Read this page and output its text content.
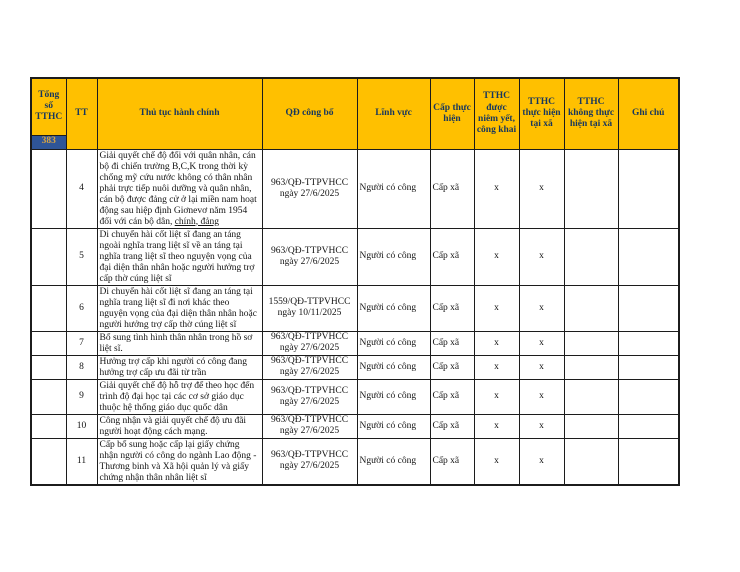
Tổng số TTHC	TT	Thủ tục hành chính	QĐ công bố	Lĩnh vực	Cấp thực hiện	TTHC được niêm yết, công khai	TTHC thực hiện tại xã	TTHC không thực hiện tại xã	Ghi chú
383									
	4	Giải quyết chế độ đối với quân nhân, cán bộ đi chiến trường B,C,K trong thời kỳ chống mỹ cứu nước không có thân nhân phải trực tiếp nuôi dưỡng và quân nhân, cán bộ được đảng cử ở lại miền nam hoạt động sau hiệp định Giơnevơ năm 1954 đối với cán bộ dân, chính, đảng	963/QĐ-TTPVHCC
ngày 27/6/2025	Người có công	Cấp xã	x	x		
	5	Di chuyển hài cốt liệt sĩ đang an táng ngoài nghĩa trang liệt sĩ về an táng tại nghĩa trang liệt sĩ theo nguyện vọng của đại diện thân nhân hoặc người hưởng trợ cấp thờ cúng liệt sĩ	963/QĐ-TTPVHCC
ngày 27/6/2025	Người có công	Cấp xã	x	x		
	6	Di chuyển hài cốt liệt sĩ đang an táng tại nghĩa trang liệt sĩ đi nơi khác theo nguyện vọng của đại diện thân nhân hoặc người hưởng trợ cấp thờ cúng liệt sĩ	1559/QĐ-TTPVHCC
ngày 10/11/2025	Người có công	Cấp xã	x	x		
	7	Bổ sung tình hình thân nhân trong hồ sơ liệt sĩ.	963/QĐ-TTPVHCC
ngày 27/6/2025	Người có công	Cấp xã	x	x		
	8	Hưởng trợ cấp khi người có công đang hưởng trợ cấp ưu đãi từ trần	963/QĐ-TTPVHCC
ngày 27/6/2025	Người có công	Cấp xã	x	x		
	9	Giải quyết chế độ hỗ trợ để theo học đến trình độ đại học tại các cơ sở giáo dục thuộc hệ thống giáo dục quốc dân	963/QĐ-TTPVHCC
ngày 27/6/2025	Người có công	Cấp xã	x	x		
	10	Công nhận và giải quyết chế độ ưu đãi người hoạt động cách mạng.	963/QĐ-TTPVHCC
ngày 27/6/2025	Người có công	Cấp xã	x	x		
	11	Cấp bổ sung hoặc cấp lại giấy chứng nhận người có công do ngành Lao động - Thương binh và Xã hội quản lý và giấy chứng nhận thân nhân liệt sĩ	963/QĐ-TTPVHCC
ngày 27/6/2025	Người có công	Cấp xã	x	x		
